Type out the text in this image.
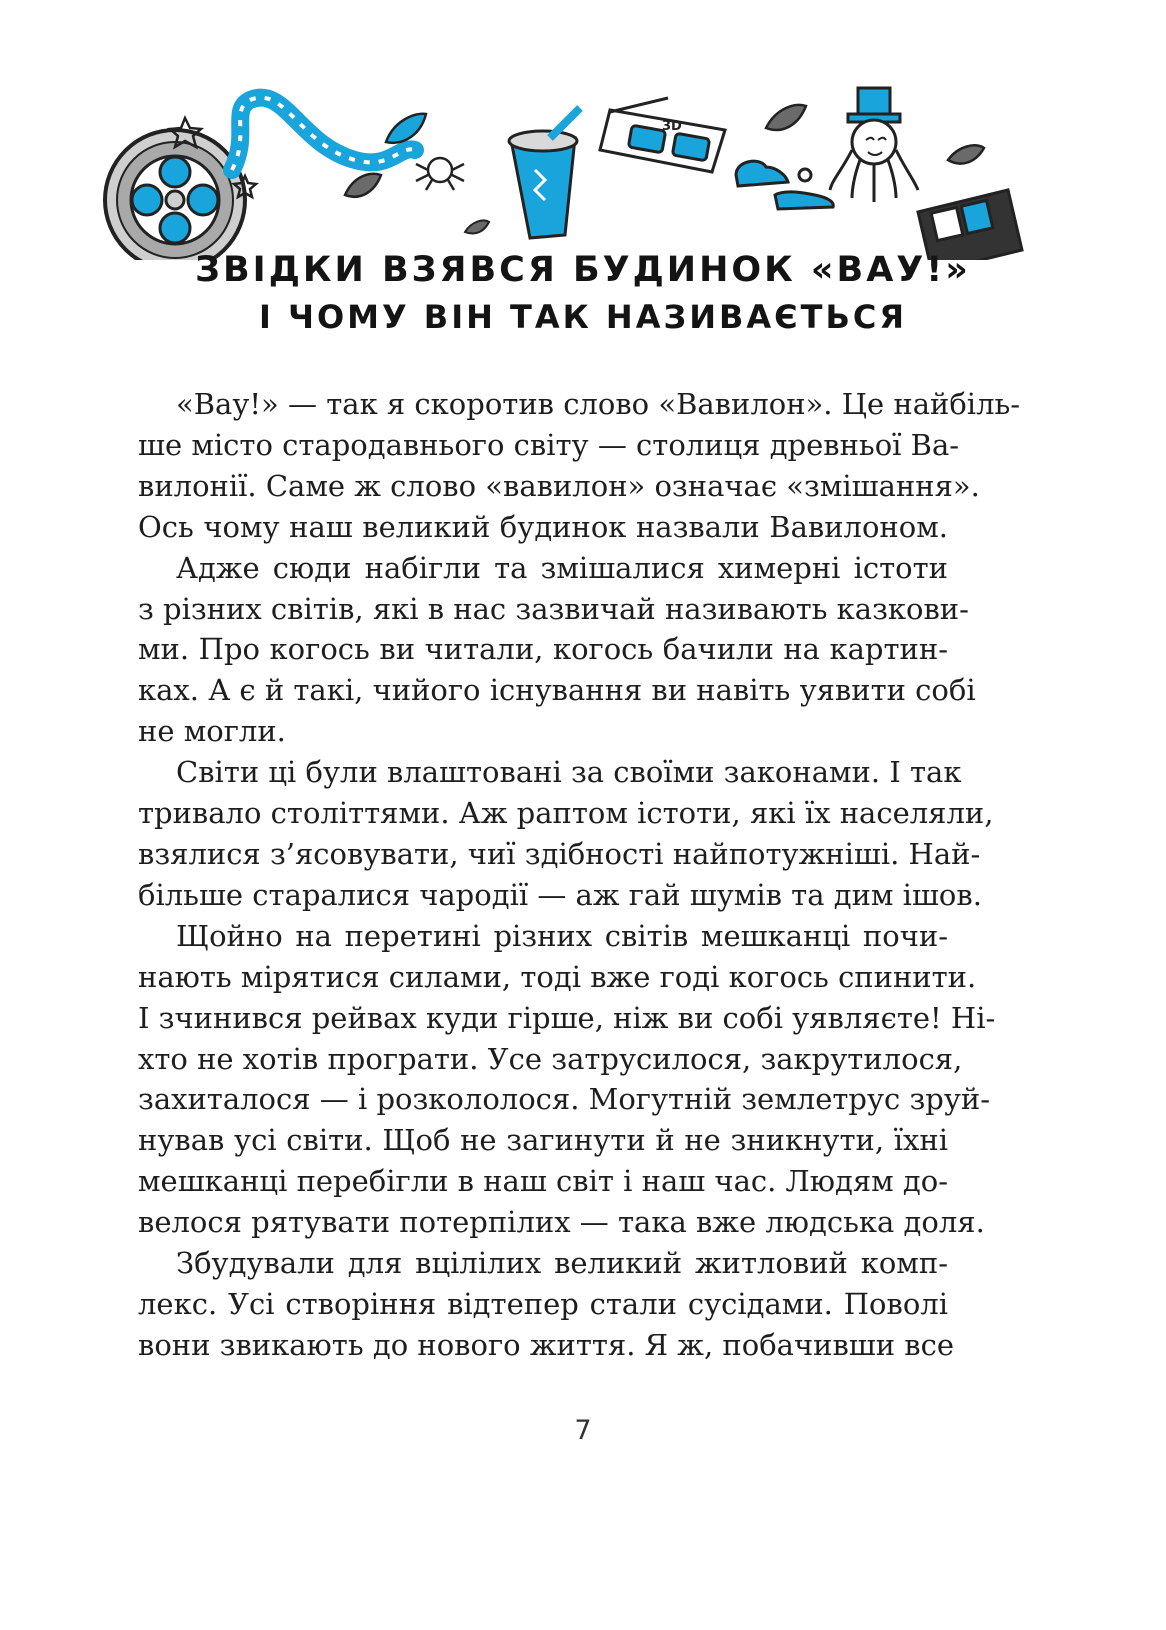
3D
ЗВІДКИ ВЗЯВСЯ БУДИНОК «ВАУ!»
І ЧОМУ ВІН ТАК НАЗИВАЄТЬСЯ
«Вау!» — так я скоротив слово «Вавилон». Це найбіль-
ше місто стародавнього світу — столиця древньої Ва-
вилонії. Саме ж слово «вавилон» означає «змішання».
Ось чому наш великий будинок назвали Вавилоном.
Адже сюди набігли та змішалися химерні істоти
з різних світів, які в нас зазвичай називають казкови-
ми. Про когось ви читали, когось бачили на картин-
ках. А є й такі, чийого існування ви навіть уявити собі
не могли.
Світи ці були влаштовані за своїми законами. І так
тривало століттями. Аж раптом істоти, які їх населяли,
взялися з’ясовувати, чиї здібності найпотужніші. Най-
більше старалися чародії — аж гай шумів та дим ішов.
Щойно на перетині різних світів мешканці почи-
нають мірятися силами, тоді вже годі когось спинити.
І зчинився рейвах куди гірше, ніж ви собі уявляєте! Ні-
хто не хотів програти. Усе затрусилося, закрутилося,
захиталося — і розкололося. Могутній землетрус зруй-
нував усі світи. Щоб не загинути й не зникнути, їхні
мешканці перебігли в наш світ і наш час. Людям до-
велося рятувати потерпілих — така вже людська доля.
Збудували для вцілілих великий житловий комп-
лекс. Усі створіння відтепер стали сусідами. Поволі
вони звикають до нового життя. Я ж, побачивши все
7
